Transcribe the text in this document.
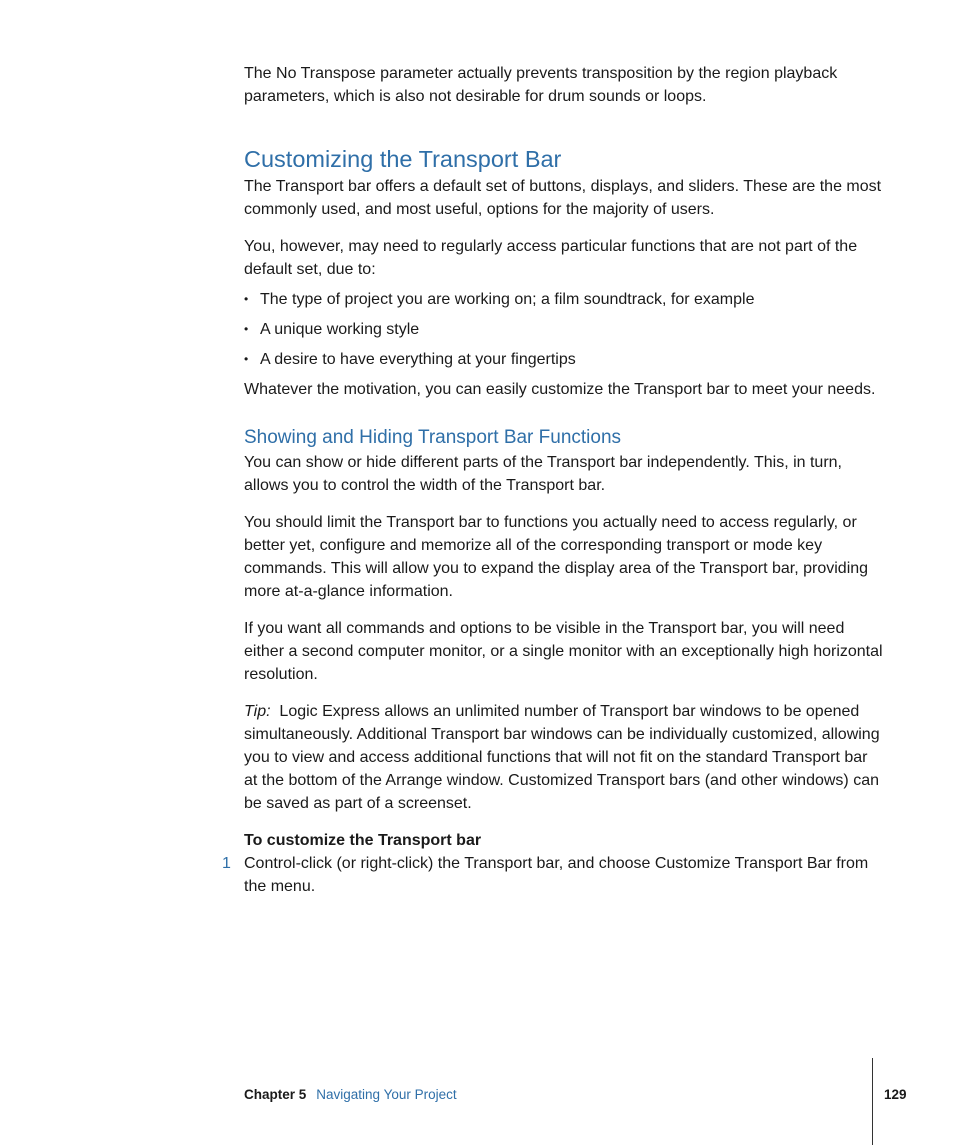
The No Transpose parameter actually prevents transposition by the region playback parameters, which is also not desirable for drum sounds or loops.

Customizing the Transport Bar

The Transport bar offers a default set of buttons, displays, and sliders. These are the most commonly used, and most useful, options for the majority of users.

You, however, may need to regularly access particular functions that are not part of the default set, due to:

• The type of project you are working on; a film soundtrack, for example
• A unique working style
• A desire to have everything at your fingertips

Whatever the motivation, you can easily customize the Transport bar to meet your needs.

Showing and Hiding Transport Bar Functions

You can show or hide different parts of the Transport bar independently. This, in turn, allows you to control the width of the Transport bar.

You should limit the Transport bar to functions you actually need to access regularly, or better yet, configure and memorize all of the corresponding transport or mode key commands. This will allow you to expand the display area of the Transport bar, providing more at-a-glance information.

If you want all commands and options to be visible in the Transport bar, you will need either a second computer monitor, or a single monitor with an exceptionally high horizontal resolution.

Tip: Logic Express allows an unlimited number of Transport bar windows to be opened simultaneously. Additional Transport bar windows can be individually customized, allowing you to view and access additional functions that will not fit on the standard Transport bar at the bottom of the Arrange window. Customized Transport bars (and other windows) can be saved as part of a screenset.

To customize the Transport bar
1 Control-click (or right-click) the Transport bar, and choose Customize Transport Bar from the menu.
Chapter 5 Navigating Your Project	129
